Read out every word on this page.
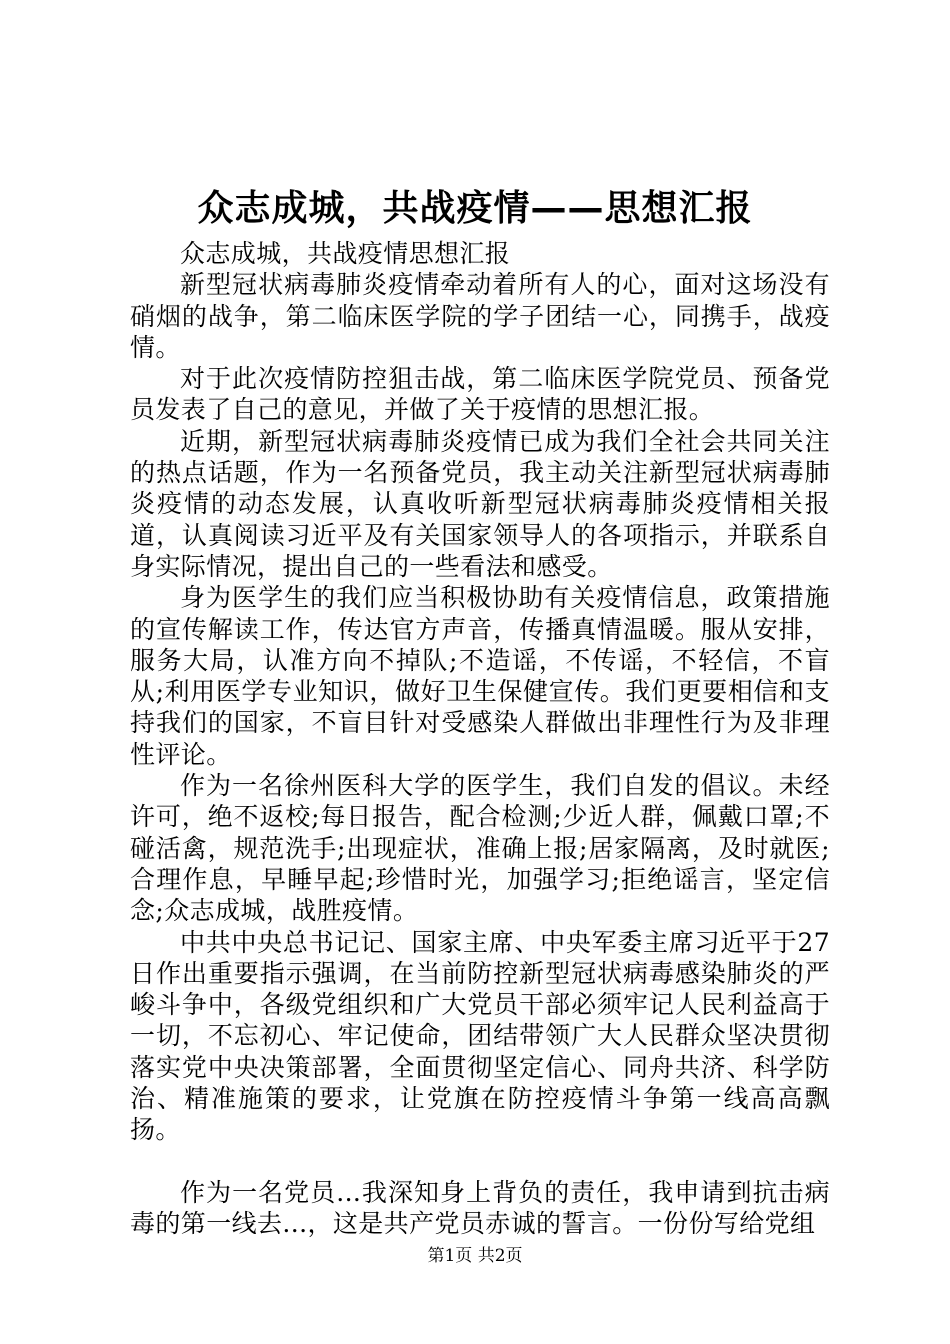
众志成城，共战疫情——思想汇报

众志成城，共战疫情思想汇报

新型冠状病毒肺炎疫情牵动着所有人的心，面对这场没有硝烟的战争，第二临床医学院的学子团结一心，同携手，战疫情。

对于此次疫情防控狙击战，第二临床医学院党员、预备党员发表了自己的意见，并做了关于疫情的思想汇报。

近期，新型冠状病毒肺炎疫情已成为我们全社会共同关注的热点话题，作为一名预备党员，我主动关注新型冠状病毒肺炎疫情的动态发展，认真收听新型冠状病毒肺炎疫情相关报道，认真阅读习近平及有关国家领导人的各项指示，并联系自身实际情况，提出自己的一些看法和感受。

身为医学生的我们应当积极协助有关疫情信息，政策措施的宣传解读工作，传达官方声音，传播真情温暖。服从安排，服务大局，认准方向不掉队;不造谣，不传谣，不轻信，不盲从;利用医学专业知识，做好卫生保健宣传。我们更要相信和支持我们的国家，不盲目针对受感染人群做出非理性行为及非理性评论。

作为一名徐州医科大学的医学生，我们自发的倡议。未经许可，绝不返校;每日报告，配合检测;少近人群，佩戴口罩;不碰活禽，规范洗手;出现症状，准确上报;居家隔离，及时就医;合理作息，早睡早起;珍惜时光，加强学习;拒绝谣言，坚定信念;众志成城，战胜疫情。

中共中央总书记记、国家主席、中央军委主席习近平于27日作出重要指示强调，在当前防控新型冠状病毒感染肺炎的严峻斗争中，各级党组织和广大党员干部必须牢记人民利益高于一切，不忘初心、牢记使命，团结带领广大人民群众坚决贯彻落实党中央决策部署，全面贯彻坚定信心、同舟共济、科学防治、精准施策的要求，让党旗在防控疫情斗争第一线高高飘扬。

作为一名党员...我深知身上背负的责任，我申请到抗击病毒的第一线去...，这是共产党员赤诚的誓言。一份份写给党组

第1页 共2页
